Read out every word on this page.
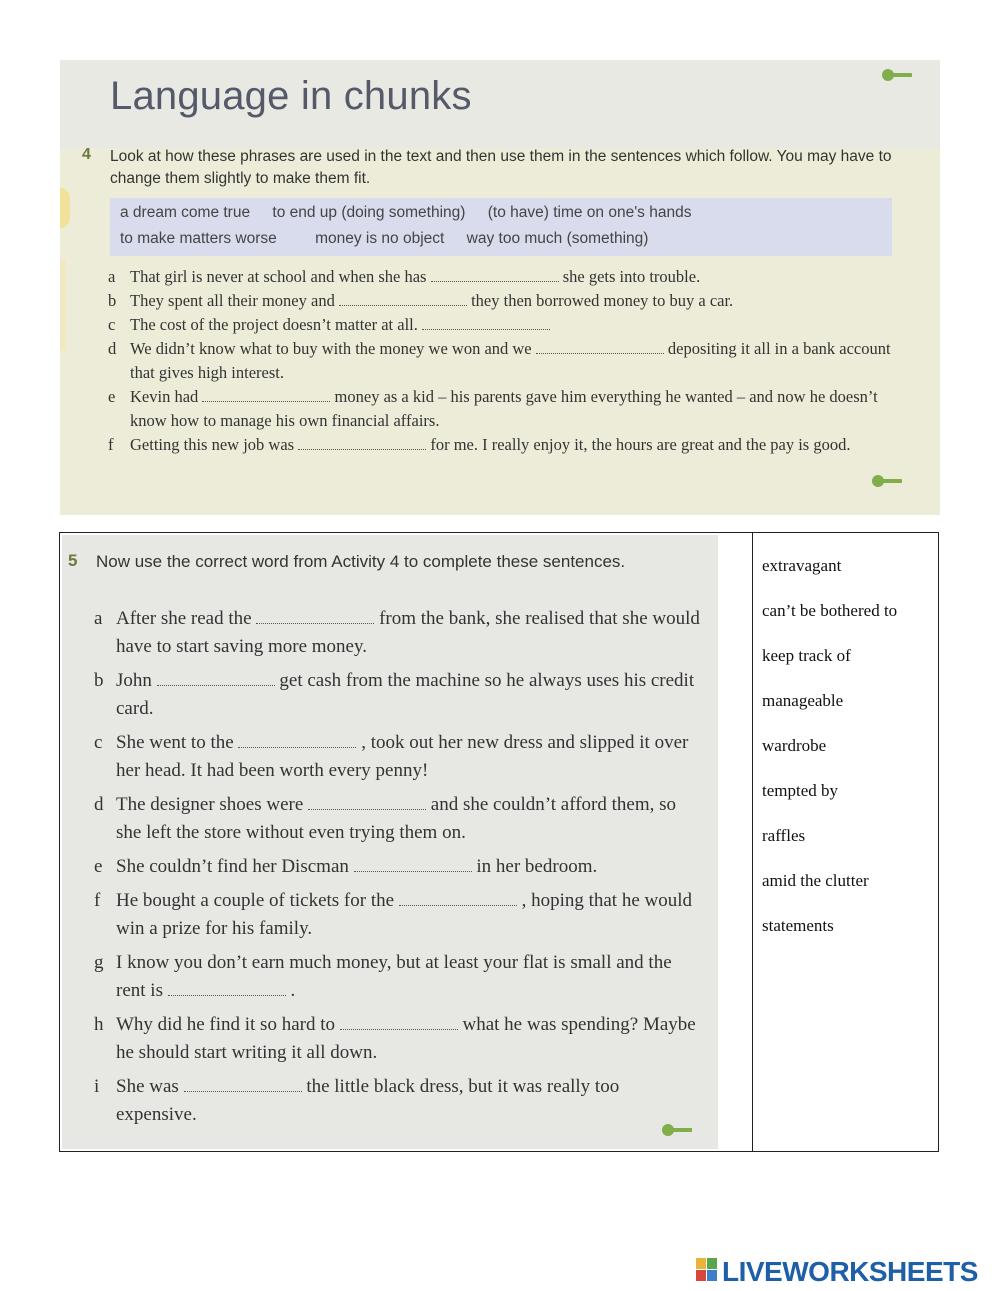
Language in chunks
4 Look at how these phrases are used in the text and then use them in the sentences which follow. You may have to change them slightly to make them fit.
a dream come true to end up (doing something) (to have) time on one's hands
to make matters worse money is no object way too much (something)

a That girl is never at school and when she has	she gets into trouble.

b They spent all their money and	they then borrowed money to buy a car.

c The cost of the project doesn’t matter at all.

d We didn’t know what to buy with the money we won and we	depositing it all in a bank account that gives high interest.

e Kevin had	money as a kid – his parents gave him everything he wanted – and now he doesn’t know how to manage his own financial affairs.

f Getting this new job was	for me. I really enjoy it, the hours are great and the pay is good.

5 Now use the correct word from Activity 4 to complete these sentences.

a After she read the	from the bank, she realised that she would have to start saving more money.

b John	get cash from the machine so he always uses his credit card.

c She went to the	, took out her new dress and slipped it over her head. It had been worth every penny!

d The designer shoes were	and she couldn’t afford them, so she left the store without even trying them on.

e She couldn’t find her Discman	in her bedroom.

f He bought a couple of tickets for the	, hoping that he would win a prize for his family.

g I know you don’t earn much money, but at least your flat is small and the rent is	.

h Why did he find it so hard to	what he was spending? Maybe he should start writing it all down.

i She was	the little black dress, but it was really too expensive.

extravagant
can’t be bothered to
keep track of
manageable
wardrobe
tempted by
raffles
amid the clutter
statements
LIVEWORKSHEETS
